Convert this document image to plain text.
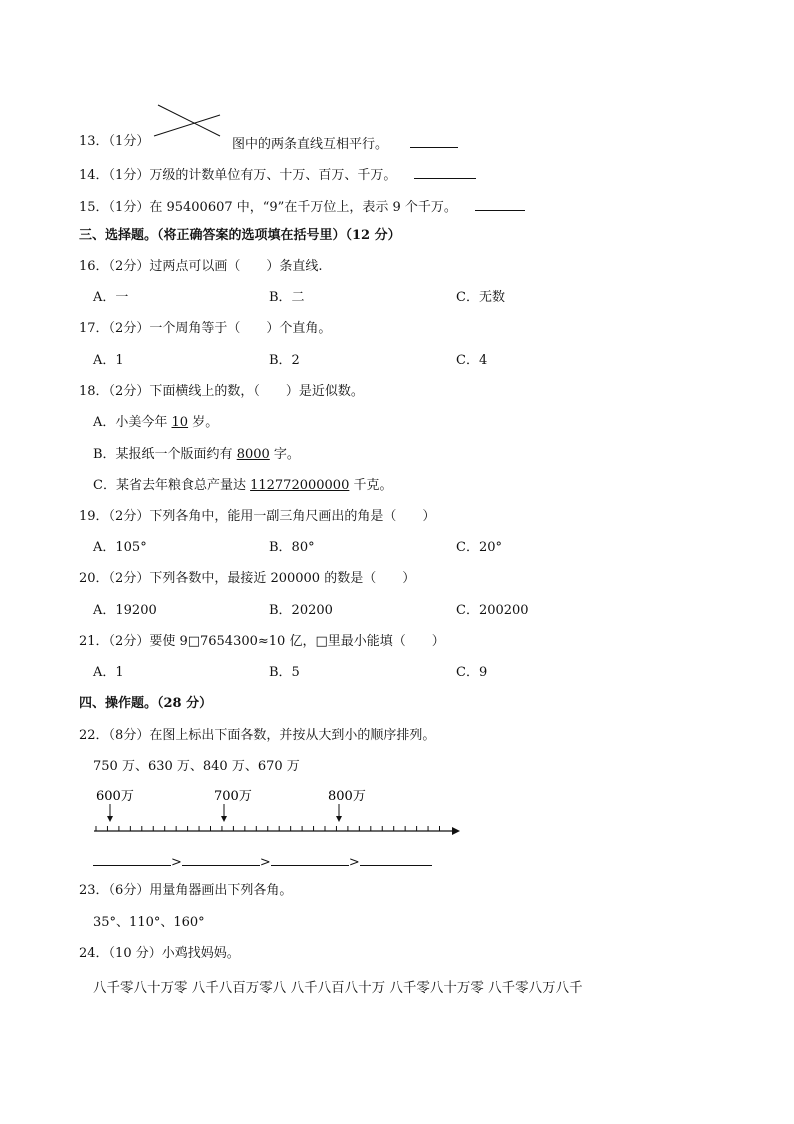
13．（1分）	图中的两条直线互相平行。
14．（1分）万级的计数单位有万、十万、百万、千万。
15．（1分）在 95400607 中，“9”在千万位上，表示 9 个千万。
三、选择题。（将正确答案的选项填在括号里）（12 分）
16．（2分）过两点可以画（　　）条直线.
A．一	B．二	C．无数
17．（2分）一个周角等于（　　）个直角。
A．1	B．2	C．4
18．（2分）下面横线上的数，（　　）是近似数。
A．小美今年 10 岁。
B．某报纸一个版面约有 8000 字。
C．某省去年粮食总产量达 112772000000 千克。
19．（2分）下列各角中，能用一副三角尺画出的角是（　　）
A．105°	B．80°	C．20°
20．（2分）下列各数中，最接近 200000 的数是（　　）
A．19200	B．20200	C．200200
21．（2分）要使 9□7654300≈10 亿，□里最小能填（　　）
A．1	B．5	C．9
四、操作题。（28 分）
22．（8分）在图上标出下面各数，并按从大到小的顺序排列。
750 万、630 万、840 万、670 万
600万	700万	800万
>	>	>
23．（6分）用量角器画出下列各角。
35°、110°、160°
24．（10 分）小鸡找妈妈。
八千零八十万零 八千八百万零八 八千八百八十万 八千零八十万零 八千零八万八千
